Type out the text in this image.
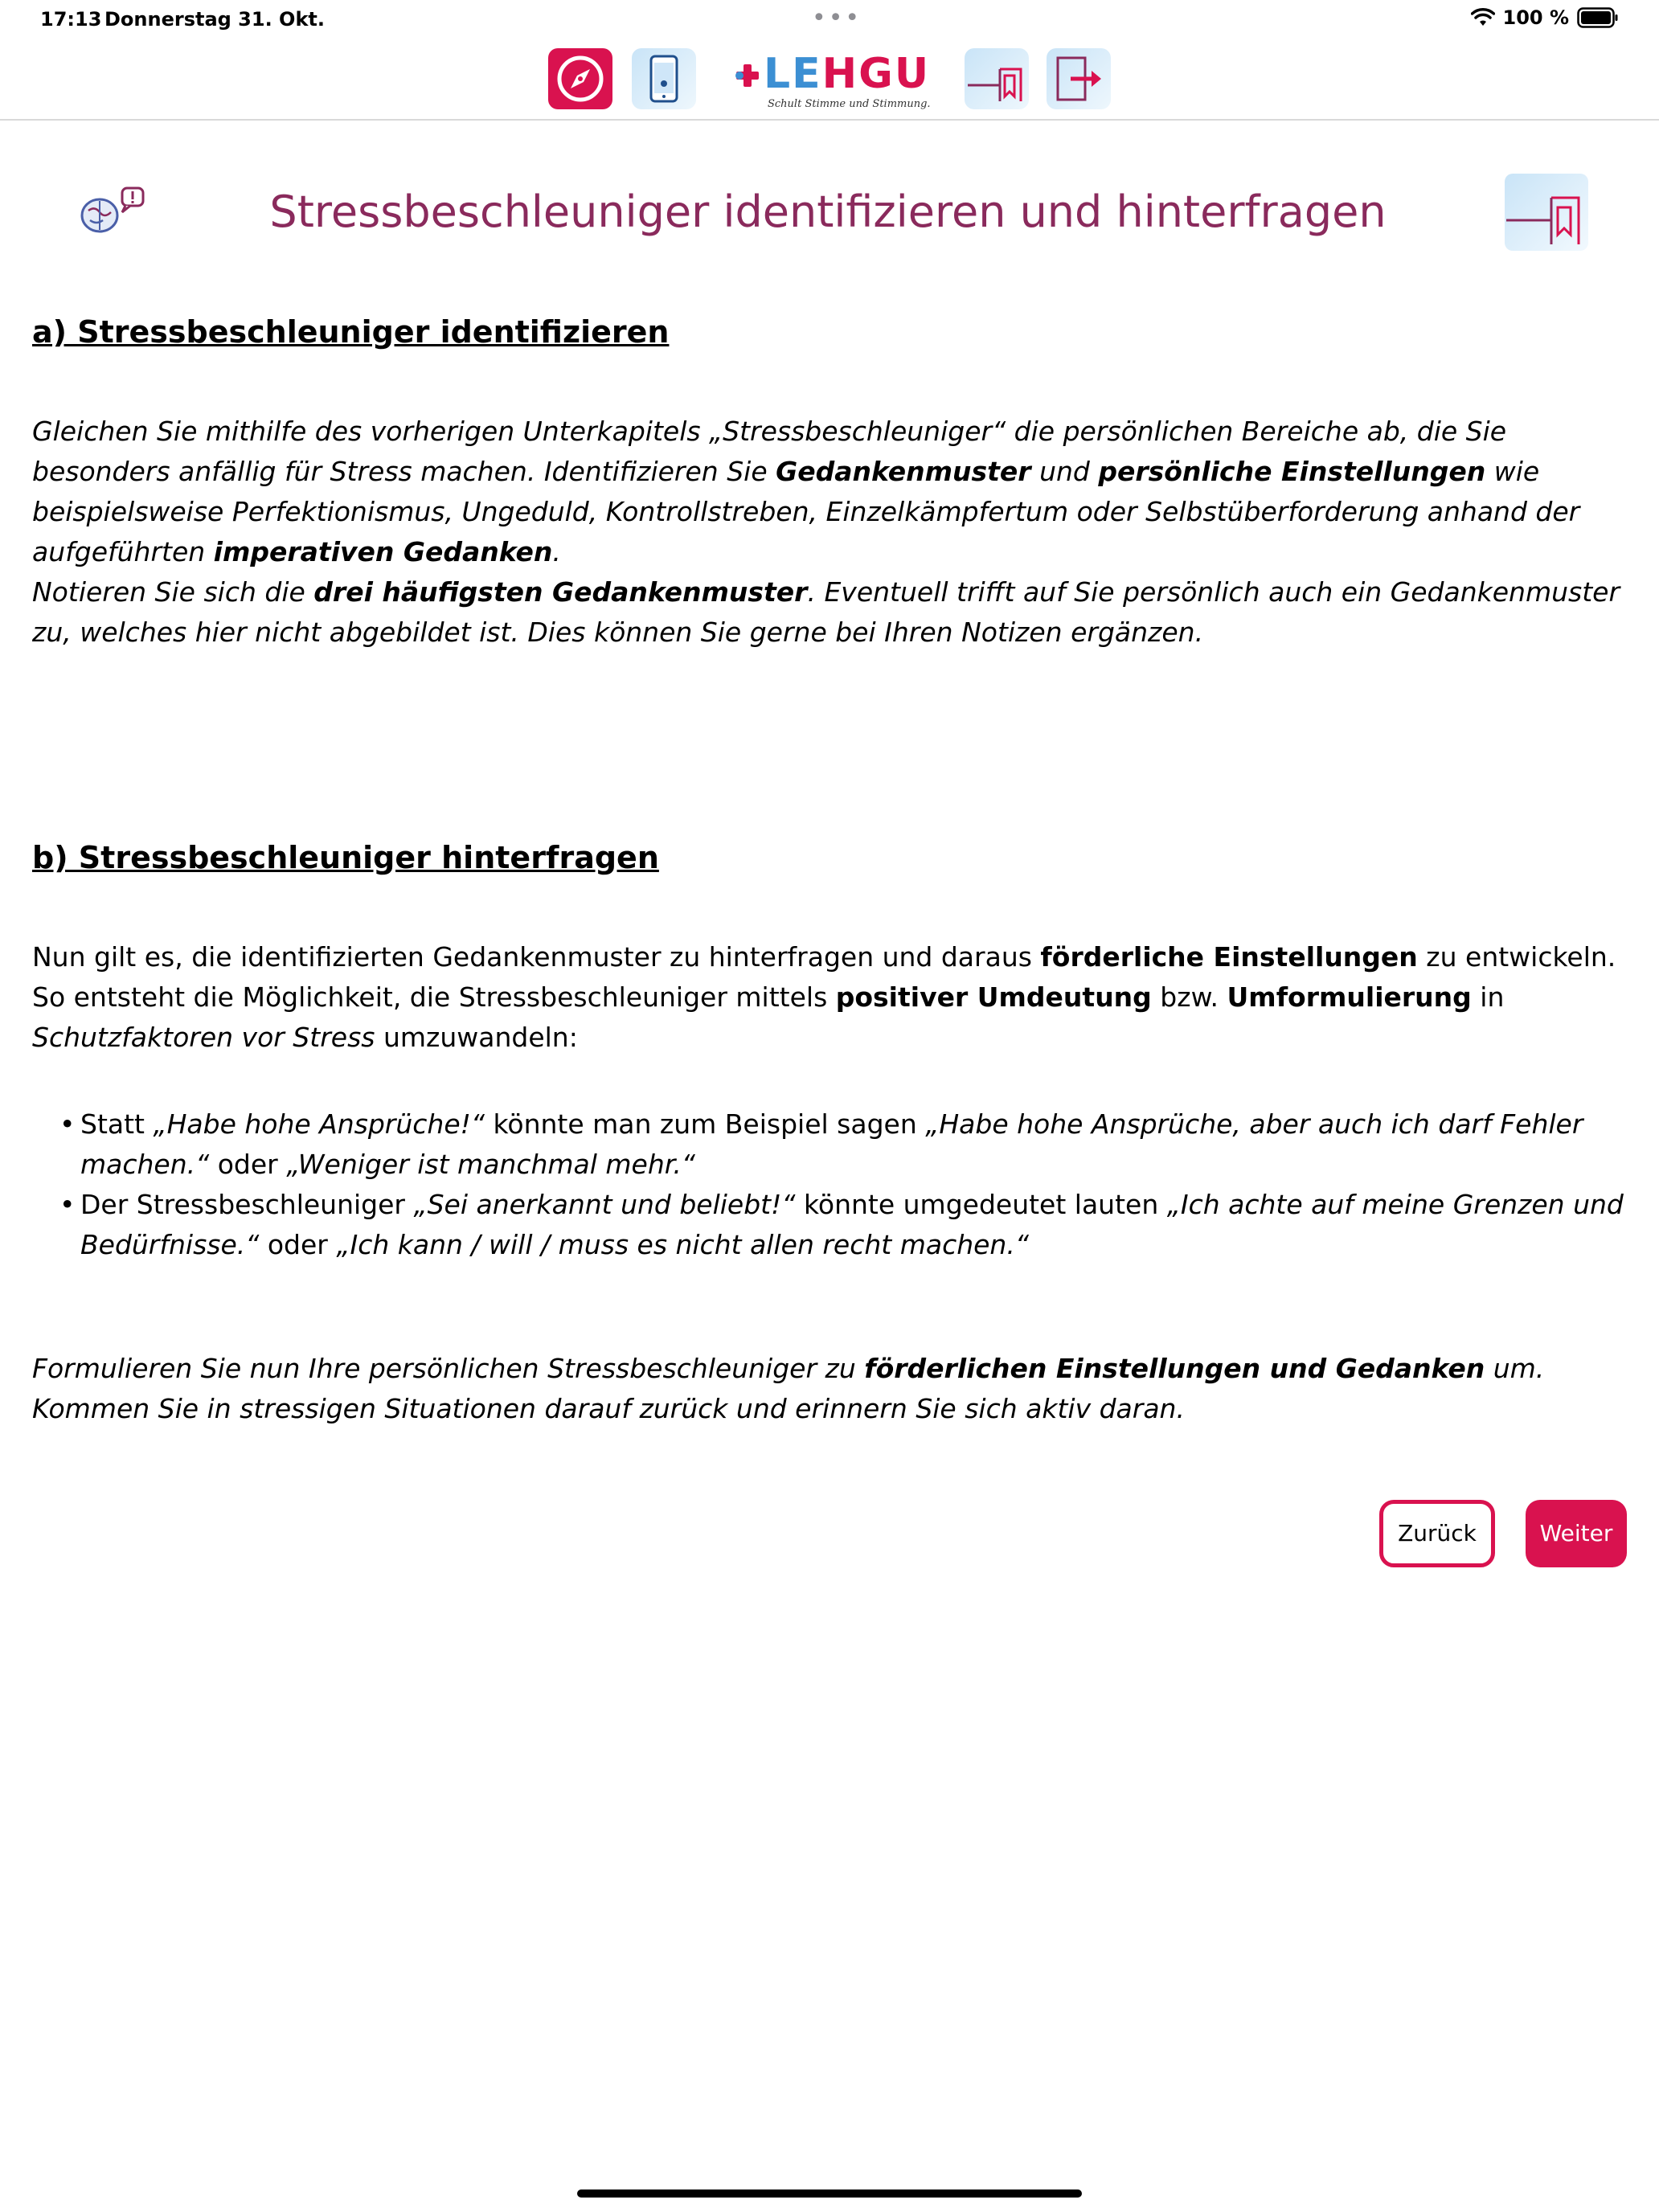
17:13 Donnerstag 31. Okt.	•••	100 %
LEHGU
Schult Stimme und Stimmung.
Stressbeschleuniger identifizieren und hinterfragen
a) Stressbeschleuniger identifizieren

Gleichen Sie mithilfe des vorherigen Unterkapitels „Stressbeschleuniger“ die persönlichen Bereiche ab, die Sie besonders anfällig für Stress machen. Identifizieren Sie Gedankenmuster und persönliche Einstellungen wie beispielsweise Perfektionismus, Ungeduld, Kontrollstreben, Einzelkämpfertum oder Selbstüberforderung anhand der aufgeführten imperativen Gedanken.

Notieren Sie sich die drei häufigsten Gedankenmuster. Eventuell trifft auf Sie persönlich auch ein Gedankenmuster zu, welches hier nicht abgebildet ist. Dies können Sie gerne bei Ihren Notizen ergänzen.

b) Stressbeschleuniger hinterfragen

Nun gilt es, die identifizierten Gedankenmuster zu hinterfragen und daraus förderliche Einstellungen zu entwickeln. So entsteht die Möglichkeit, die Stressbeschleuniger mittels positiver Umdeutung bzw. Umformulierung in Schutzfaktoren vor Stress umzuwandeln:

• Statt „Habe hohe Ansprüche!“ könnte man zum Beispiel sagen „Habe hohe Ansprüche, aber auch ich darf Fehler machen.“ oder „Weniger ist manchmal mehr.“
• Der Stressbeschleuniger „Sei anerkannt und beliebt!“ könnte umgedeutet lauten „Ich achte auf meine Grenzen und Bedürfnisse.“ oder „Ich kann / will / muss es nicht allen recht machen.“

Formulieren Sie nun Ihre persönlichen Stressbeschleuniger zu förderlichen Einstellungen und Gedanken um. Kommen Sie in stressigen Situationen darauf zurück und erinnern Sie sich aktiv daran.

Zurück	Weiter
